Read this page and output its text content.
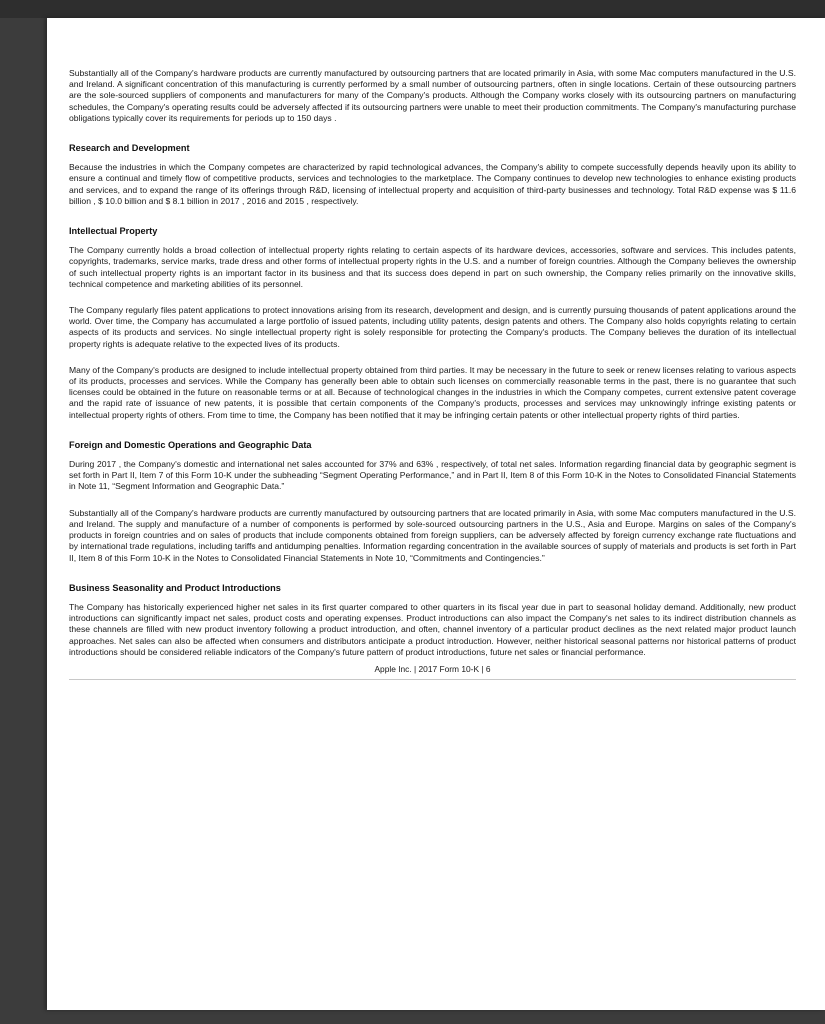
Substantially all of the Company's hardware products are currently manufactured by outsourcing partners that are located primarily in Asia, with some Mac computers manufactured in the U.S. and Ireland. A significant concentration of this manufacturing is currently performed by a small number of outsourcing partners, often in single locations. Certain of these outsourcing partners are the sole-sourced suppliers of components and manufacturers for many of the Company's products. Although the Company works closely with its outsourcing partners on manufacturing schedules, the Company's operating results could be adversely affected if its outsourcing partners were unable to meet their production commitments. The Company's manufacturing purchase obligations typically cover its requirements for periods up to 150 days .

Research and Development

Because the industries in which the Company competes are characterized by rapid technological advances, the Company's ability to compete successfully depends heavily upon its ability to ensure a continual and timely flow of competitive products, services and technologies to the marketplace. The Company continues to develop new technologies to enhance existing products and services, and to expand the range of its offerings through R&D, licensing of intellectual property and acquisition of third-party businesses and technology. Total R&D expense was $ 11.6 billion , $ 10.0 billion and $ 8.1 billion in 2017 , 2016 and 2015 , respectively.

Intellectual Property

The Company currently holds a broad collection of intellectual property rights relating to certain aspects of its hardware devices, accessories, software and services. This includes patents, copyrights, trademarks, service marks, trade dress and other forms of intellectual property rights in the U.S. and a number of foreign countries. Although the Company believes the ownership of such intellectual property rights is an important factor in its business and that its success does depend in part on such ownership, the Company relies primarily on the innovative skills, technical competence and marketing abilities of its personnel.

The Company regularly files patent applications to protect innovations arising from its research, development and design, and is currently pursuing thousands of patent applications around the world. Over time, the Company has accumulated a large portfolio of issued patents, including utility patents, design patents and others. The Company also holds copyrights relating to certain aspects of its products and services. No single intellectual property right is solely responsible for protecting the Company's products. The Company believes the duration of its intellectual property rights is adequate relative to the expected lives of its products.

Many of the Company's products are designed to include intellectual property obtained from third parties. It may be necessary in the future to seek or renew licenses relating to various aspects of its products, processes and services. While the Company has generally been able to obtain such licenses on commercially reasonable terms in the past, there is no guarantee that such licenses could be obtained in the future on reasonable terms or at all. Because of technological changes in the industries in which the Company competes, current extensive patent coverage and the rapid rate of issuance of new patents, it is possible that certain components of the Company's products, processes and services may unknowingly infringe existing patents or intellectual property rights of others. From time to time, the Company has been notified that it may be infringing certain patents or other intellectual property rights of third parties.

Foreign and Domestic Operations and Geographic Data

During 2017 , the Company's domestic and international net sales accounted for 37% and 63% , respectively, of total net sales. Information regarding financial data by geographic segment is set forth in Part II, Item 7 of this Form 10-K under the subheading “Segment Operating Performance,” and in Part II, Item 8 of this Form 10-K in the Notes to Consolidated Financial Statements in Note 11, “Segment Information and Geographic Data.”

Substantially all of the Company's hardware products are currently manufactured by outsourcing partners that are located primarily in Asia, with some Mac computers manufactured in the U.S. and Ireland. The supply and manufacture of a number of components is performed by sole-sourced outsourcing partners in the U.S., Asia and Europe. Margins on sales of the Company's products in foreign countries and on sales of products that include components obtained from foreign suppliers, can be adversely affected by foreign currency exchange rate fluctuations and by international trade regulations, including tariffs and antidumping penalties. Information regarding concentration in the available sources of supply of materials and products is set forth in Part II, Item 8 of this Form 10-K in the Notes to Consolidated Financial Statements in Note 10, “Commitments and Contingencies.”

Business Seasonality and Product Introductions

The Company has historically experienced higher net sales in its first quarter compared to other quarters in its fiscal year due in part to seasonal holiday demand. Additionally, new product introductions can significantly impact net sales, product costs and operating expenses. Product introductions can also impact the Company's net sales to its indirect distribution channels as these channels are filled with new product inventory following a product introduction, and often, channel inventory of a particular product declines as the next related major product launch approaches. Net sales can also be affected when consumers and distributors anticipate a product introduction. However, neither historical seasonal patterns nor historical patterns of product introductions should be considered reliable indicators of the Company's future pattern of product introductions, future net sales or financial performance.

Apple Inc. | 2017 Form 10-K | 6
